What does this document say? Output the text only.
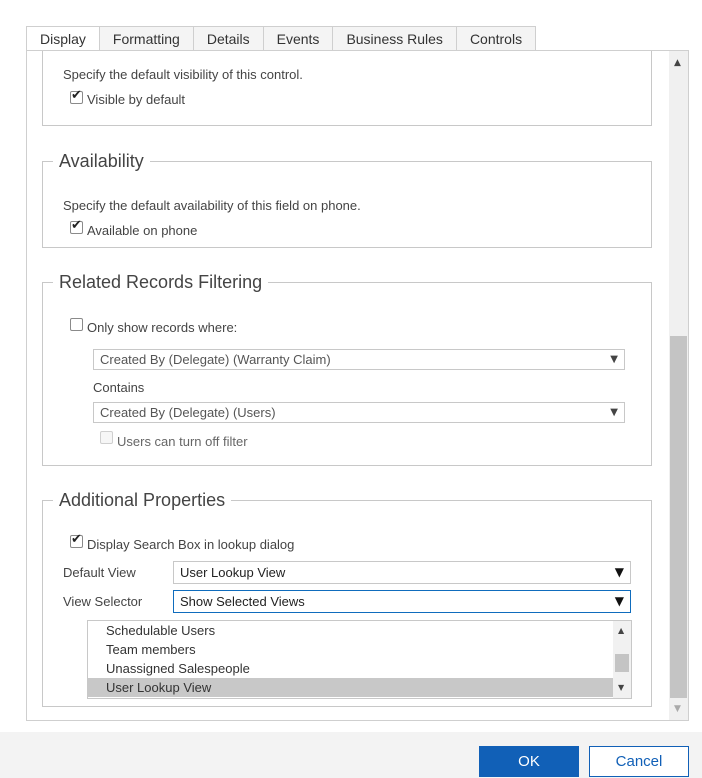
Display	Formatting	Details	Events	Business Rules	Controls
Specify the default visibility of this control.
✔
Visible by default
Availability
Specify the default availability of this field on phone.
✔
Available on phone
Related Records Filtering
Only show records where:
Created By (Delegate) (Warranty Claim)	▼
Contains
Created By (Delegate) (Users)	▼
Users can turn off filter
Additional Properties
✔
Display Search Box in lookup dialog
Default View	User Lookup View	▼
View Selector	Show Selected Views	▼
Schedulable Users
Team members
Unassigned Salespeople
User Lookup View
▲
▼
▲
▼
OK	Cancel
